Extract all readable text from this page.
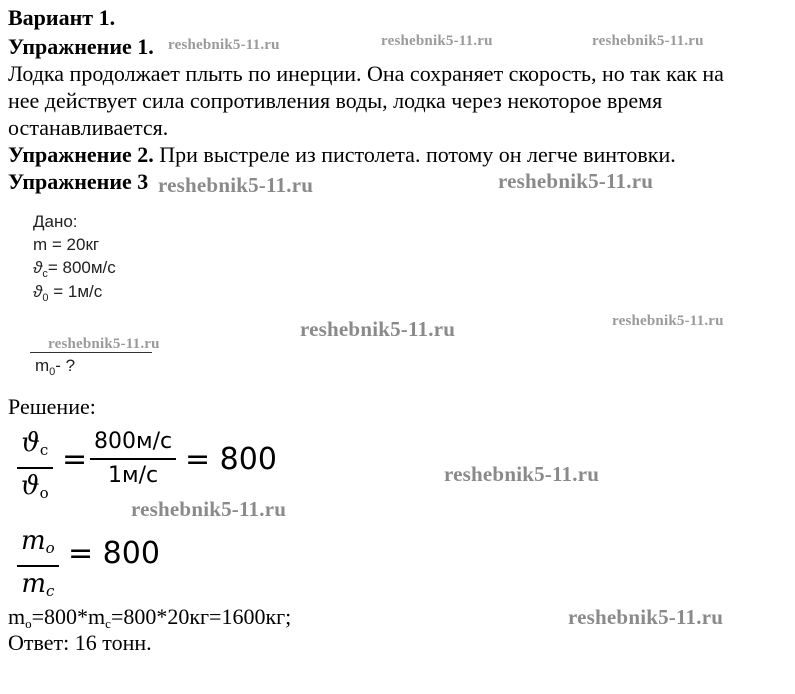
Вариант 1.
Упражнение 1.
Лодка продолжает плыть по инерции. Она сохраняет скорость, но так как на
нее действует сила сопротивления воды, лодка через некоторое время
останавливается.
Упражнение 2. При выстреле из пистолета. потому он легче винтовки.
Упражнение 3
Дано:
m = 20кг
$ϑ_c= 800м/с$
$ϑ_0 = 1м/с$
$m_0-$ ?
Решение:
$ϑ_c$
$ϑ_o$
=
800м/с
1м/с = 800
$m_o$
$m_c$
= 800
$m_o=800*m_c=800*20кг=1600кг$;
Ответ: 16 тонн.
reshebnik5-11.ru	reshebnik5-11.ru	reshebnik5-11.ru
reshebnik5-11.ru	reshebnik5-11.ru
reshebnik5-11.ru	reshebnik5-11.ru
reshebnik5-11.ru
reshebnik5-11.ru
reshebnik5-11.ru
reshebnik5-11.ru
